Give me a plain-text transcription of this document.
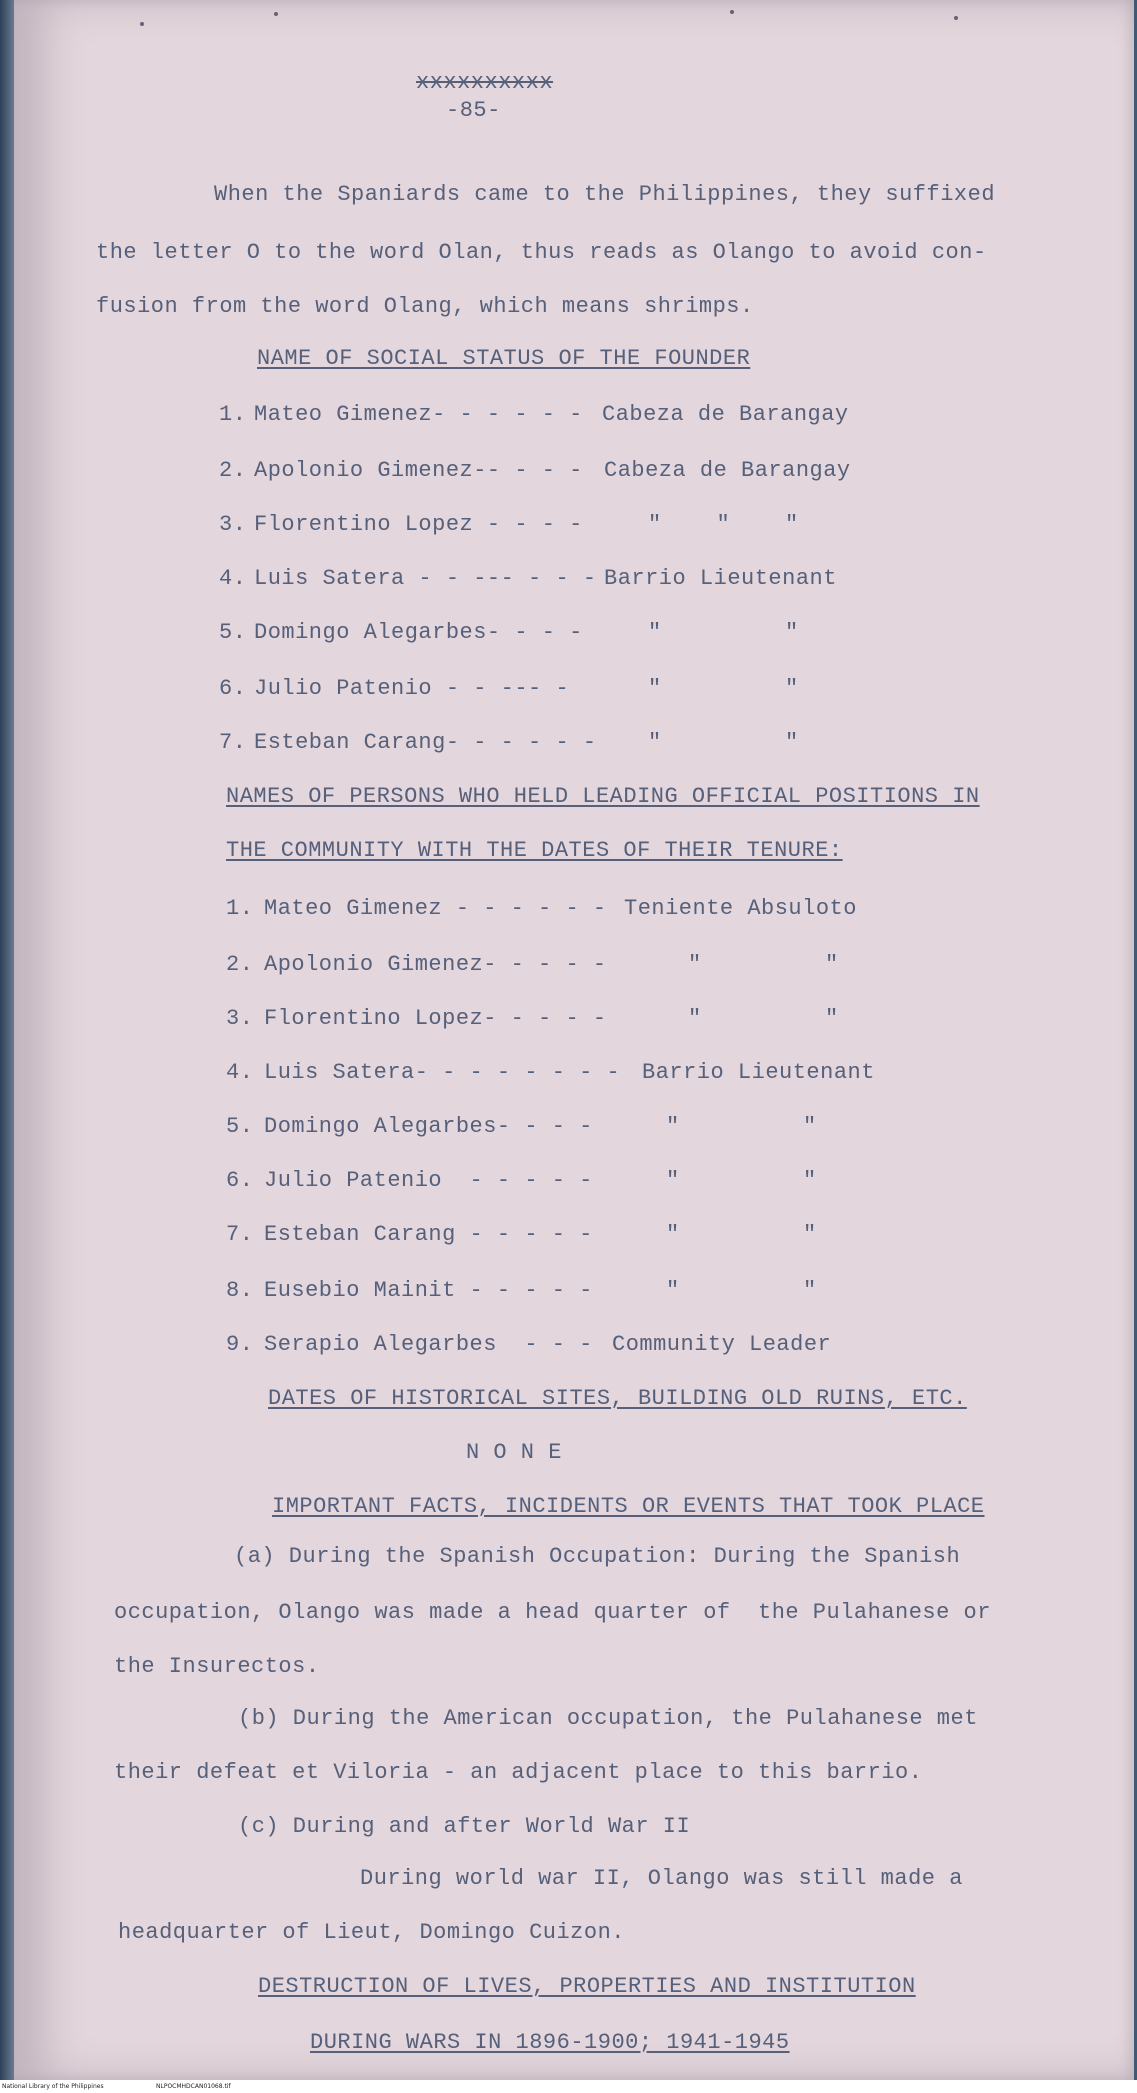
xxxxxxxxxx
-85-
When the Spaniards came to the Philippines, they suffixed
the letter O to the word Olan, thus reads as Olango to avoid con-
fusion from the word Olang, which means shrimps.
NAME OF SOCIAL STATUS OF THE FOUNDER
1. Mateo Gimenez- - - - - - Cabeza de Barangay
2. Apolonio Gimenez-- - - - Cabeza de Barangay
3. Florentino Lopez - - - -	"    "    "
4. Luis Satera - - --- - - - Barrio Lieutenant
5. Domingo Alegarbes- - - -	"         "
6. Julio Patenio - - --- -	"         "
7. Esteban Carang- - - - - - "         "
NAMES OF PERSONS WHO HELD LEADING OFFICIAL POSITIONS IN
THE COMMUNITY WITH THE DATES OF THEIR TENURE:
1. Mateo Gimenez - - - - - - Teniente Absuloto
2. Apolonio Gimenez- - - - -	"         "
3. Florentino Lopez- - - - -	"         "
4. Luis Satera- - - - - - - - Barrio Lieutenant
5. Domingo Alegarbes- - - -	"         "
6. Julio Patenio  - - - - -	"         "
7. Esteban Carang - - - - -	"         "
8. Eusebio Mainit - - - - -	"         "
9. Serapio Alegarbes  - - - Community Leader
DATES OF HISTORICAL SITES, BUILDING OLD RUINS, ETC.
N O N E
IMPORTANT FACTS, INCIDENTS OR EVENTS THAT TOOK PLACE
(a) During the Spanish Occupation: During the Spanish
occupation, Olango was made a head quarter of  the Pulahanese or
the Insurectos.
(b) During the American occupation, the Pulahanese met
their defeat et Viloria - an adjacent place to this barrio.
(c) During and after World War II
During world war II, Olango was still made a
headquarter of Lieut, Domingo Cuizon.
DESTRUCTION OF LIVES, PROPERTIES AND INSTITUTION
DURING WARS IN 1896-1900; 1941-1945
National Library of the Philippines	NLPOCMHDCAN01068.tif
